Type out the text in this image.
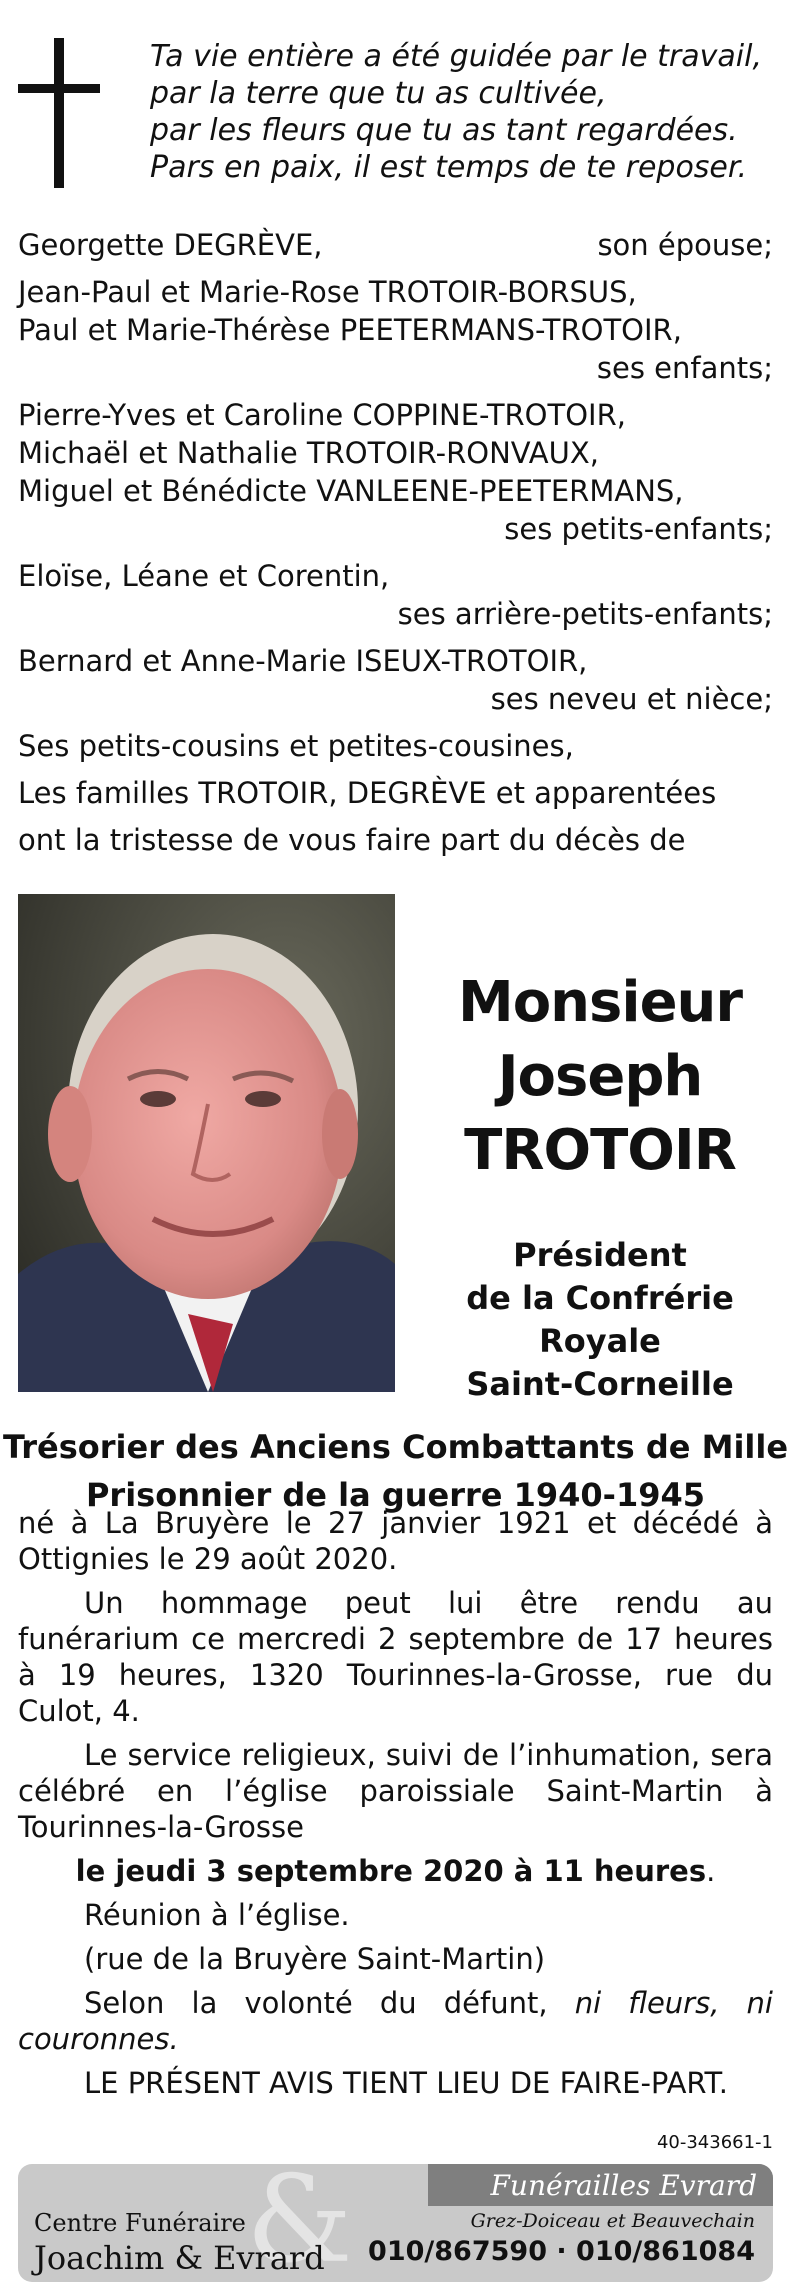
Ta vie entière a été guidée par le travail,
par la terre que tu as cultivée,
par les fleurs que tu as tant regardées.
Pars en paix, il est temps de te reposer.
Georgette DEGRÈVE,	son épouse;
Jean-Paul et Marie-Rose TROTOIR-BORSUS,
Paul et Marie-Thérèse PEETERMANS-TROTOIR,
ses enfants;
Pierre-Yves et Caroline COPPINE-TROTOIR,
Michaël et Nathalie TROTOIR-RONVAUX,
Miguel et Bénédicte VANLEENE-PEETERMANS,
ses petits-enfants;
Eloïse, Léane et Corentin,
ses arrière-petits-enfants;
Bernard et Anne-Marie ISEUX-TROTOIR,
ses neveu et nièce;
Ses petits-cousins et petites-cousines,
Les familles TROTOIR, DEGRÈVE et apparentées
ont la tristesse de vous faire part du décès de
Monsieur
Joseph
TROTOIR
Président
de la Confrérie
Royale
Saint-Corneille
Trésorier des Anciens Combattants de Mille
Prisonnier de la guerre 1940-1945
né à La Bruyère le 27 janvier 1921 et décédé à Ottignies le 29 août 2020.
Un hommage peut lui être rendu au funérarium ce mercredi 2 septembre de 17 heures à 19 heures, 1320 Tourinnes-la-Grosse, rue du Culot, 4.
Le service religieux, suivi de l’inhumation, sera célébré en l’église paroissiale Saint-Martin à Tourinnes-la-Grosse
le jeudi 3 septembre 2020 à 11 heures.
Réunion à l’église.
(rue de la Bruyère Saint-Martin)
Selon la volonté du défunt, ni fleurs, ni couronnes.
LE PRÉSENT AVIS TIENT LIEU DE FAIRE-PART.
40-343661-1
&
Centre Funéraire
Joachim & Evrard
Funérailles Evrard
Grez-Doiceau et Beauvechain
010/867590 · 010/861084
